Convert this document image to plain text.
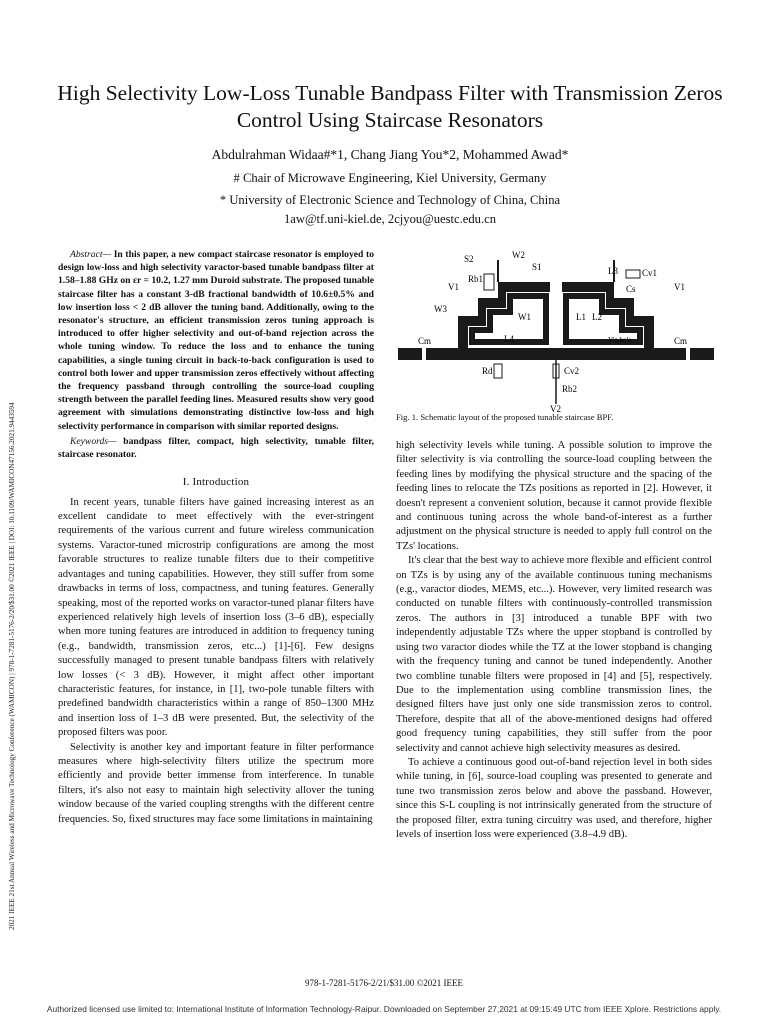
2021 IEEE 21st Annual Wireless and Microwave Technology Conference (WAMICON) | 978-1-7281-5176-2/20/$31.00 ©2021 IEEE | DOI: 10.1109/WAMICON47156.2021.9443594
High Selectivity Low-Loss Tunable Bandpass Filter with Transmission Zeros Control Using Staircase Resonators
Abdulrahman Widaa#*1, Chang Jiang You*2, Mohammed Awad*
# Chair of Microwave Engineering, Kiel University, Germany
* University of Electronic Science and Technology of China, China
1aw@tf.uni-kiel.de, 2cjyou@uestc.edu.cn

Abstract— In this paper, a new compact staircase resonator is employed to design low-loss and high selectivity varactor-based tunable bandpass filter at 1.58–1.88 GHz on εr = 10.2, 1.27 mm Duroid substrate. The proposed tunable staircase filter has a constant 3-dB fractional bandwidth of 10.6±0.5% and low insertion loss < 2 dB allover the tuning band. Additionally, owing to the resonator's structure, an efficient transmission zeros tuning approach is introduced to offer higher selectivity and out-of-band rejection across the whole tuning window. To reduce the loss and to enhance the tuning capabilities, a single tuning circuit in back-to-back configuration is used to control both lower and upper transmission zeros effectively without affecting the frequency passband through controlling the source-load coupling strength between the parallel feeding lines. Measured results show very good agreement with simulations demonstrating distinctive low-loss and high selectivity performance in comparison with similar reported designs.

Keywords— bandpass filter, compact, high selectivity, tunable filter, staircase resonator.

I. Introduction

In recent years, tunable filters have gained increasing interest as an excellent candidate to meet effectively with the ever-stringent requirements of the various current and future wireless communication systems. Varactor-tuned microstrip configurations are among the most favorable structures to realize tunable filters due to their competitive advantages and tuning capabilities. However, they still suffer from some drawbacks in terms of loss, compactness, and tuning features. Generally speaking, most of the reported works on varactor-tuned planar filters have experienced relatively high levels of insertion loss (3–6 dB), especially when more tuning features are introduced in addition to frequency tuning (e.g., bandwidth, transmission zeros, etc...) [1]-[6]. Few designs successfully managed to present tunable bandpass filters with relatively low losses (< 3 dB). However, it might affect other important characteristic features, for instance, in [1], two-pole tunable filters with predefined bandwidth characteristics within a range of 850–1300 MHz and insertion loss of 1–3 dB were presented. But, the selectivity of the proposed filters was poor.

Selectivity is another key and important feature in filter performance measures where high-selectivity filters utilize the spectrum more efficiently and provide better immense from interference. In tunable filters, it's also not easy to maintain high selectivity allover the tuning window because of the varied coupling strengths with the different centre frequencies. So, fixed structures may face some limitations in maintaining

S2	W2
S1	L3	Cv1
V1	V1
Rb1
Cs
W3
W1	L1 L2
L4	Via hole
Cm	Cm
Rd	Cv2
Rb2
V2
Fig. 1. Schematic layout of the proposed tunable staircase BPF.

high selectivity levels while tuning. A possible solution to improve the filter selectivity is via controlling the source-load coupling between the feeding lines by modifying the physical structure and the spacing of the feeding lines to relocate the TZs positions as reported in [2]. However, it doesn't represent a convenient solution, because it cannot provide flexible and continuous tuning across the whole band-of-interest as a further adjustment on the physical structure is needed to apply full control on the TZs' locations.

It's clear that the best way to achieve more flexible and efficient control on TZs is by using any of the available continuous tuning mechanisms (e.g., varactor diodes, MEMS, etc...). However, very limited research was conducted on tunable filters with continuously-controlled transmission zeros. The authors in [3] introduced a tunable BPF with two independently adjustable TZs where the upper stopband is controlled by using two varactor diodes while the TZ at the lower stopband is changing with the frequency tuning and cannot be tuned independently. Another two combline tunable filters were proposed in [4] and [5], respectively. Due to the implementation using combline transmission lines, the designed filters have just only one side transmission zeros to control. Therefore, despite that all of the above-mentioned designs had offered good frequency tuning capabilities, they still suffer from the poor selectivity and cannot achieve high selectivity measures as desired.

To achieve a continuous good out-of-band rejection level in both sides while tuning, in [6], source-load coupling was presented to generate and tune two transmission zeros below and above the passband. However, since this S-L coupling is not intrinsically generated from the structure of the proposed filter, extra tuning circuitry was used, and therefore, higher levels of insertion loss were experienced (3.8–4.9 dB).

978-1-7281-5176-2/21/$31.00 ©2021 IEEE
Authorized licensed use limited to: International Institute of Information Technology-Raipur. Downloaded on September 27,2021 at 09:15:49 UTC from IEEE Xplore. Restrictions apply.
